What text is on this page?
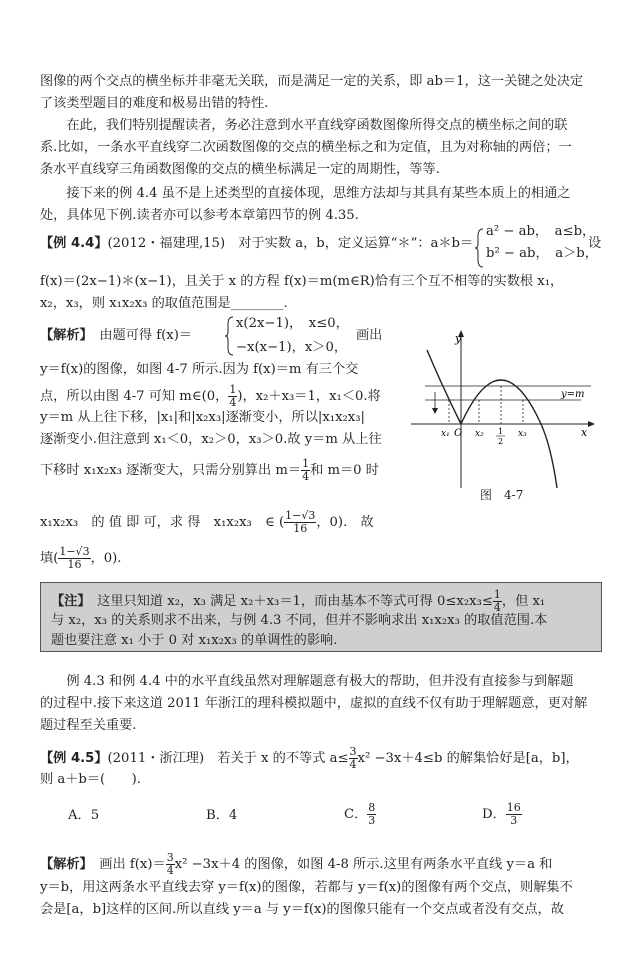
图像的两个交点的横坐标并非毫无关联，而是满足一定的关系，即 ab＝1，这一关键之处决定
了该类型题目的难度和极易出错的特性.
　　在此，我们特别提醒读者，务必注意到水平直线穿函数图像所得交点的横坐标之间的联
系.比如，一条水平直线穿二次函数图像的交点的横坐标之和为定值，且为对称轴的两倍；一
条水平直线穿三角函数图像的交点的横坐标满足一定的周期性，等等.
　　接下来的例 4.4 虽不是上述类型的直接体现，思维方法却与其具有某些本质上的相通之
处，具体见下例.读者亦可以参考本章第四节的例 4.35.
【例 4.4】(2012・福建理,15)　对于实数 a，b，定义运算“＊”：a＊b＝
a² − ab，　a≤b，
b² − ab，　a＞b，
设
f(x)＝(2x−1)＊(x−1)，且关于 x 的方程 f(x)＝m(m∈R)恰有三个互不相等的实数根 x₁，
x₂，x₃，则 x₁x₂x₃ 的取值范围是________.
【解析】　由题可得 f(x)＝
x(2x−1)，　x≤0，
−x(x−1)，x＞0，
画出
y＝f(x)的图像，如图 4-7 所示.因为 f(x)＝m 有三个交
点，所以由图 4-7 可知 m∈(0， $\frac{1}{4}$ )，x₂＋x₃＝1，x₁＜0.将
y＝m 从上往下移，|x₁|和|x₂x₃|逐渐变小，所以|x₁x₂x₃|
逐渐变小.但注意到 x₁＜0，x₂＞0，x₃＞0.故 y＝m 从上往
下移时 x₁x₂x₃ 逐渐变大，只需分别算出 $m= \frac{1}{4}$ 和 m＝0 时
x₁x₂x₃　的 值 即 可，求 得　x₁x₂x₃　∈ ( $\frac{1-√3}{16}$ ，0).　故
填( $\frac{1-√3}{16}$ ，0).
y
x
y=m
x₁ O x₂ 1
2
x₃
图　4-7
【注】　这里只知道 x₂，x₃ 满足 x₂＋x₃＝1，而由基本不等式可得 $0\le x_2x_3\le \frac{1}{4}$ ，但 x₁
与 x₂，x₃ 的关系则求不出来，与例 4.3 不同，但并不影响求出 x₁x₂x₃ 的取值范围.本
题也要注意 x₁ 小于 0 对 x₁x₂x₃ 的单调性的影响.
　　例 4.3 和例 4.4 中的水平直线虽然对理解题意有极大的帮助，但并没有直接参与到解题
的过程中.接下来这道 2011 年浙江的理科模拟题中，虚拟的直线不仅有助于理解题意，更对解
题过程至关重要.
【例 4.5】(2011・浙江理)　若关于 x 的不等式 $a\le \frac{3}{4} x^2 -3x+4\le b$ 的解集恰好是[a，b]，
则 a＋b＝(　　).
A．5	B．4	C． $\frac{8}{3}$	D． $\frac{16}{3}$
【解析】　画出 $f(x)= \frac{3}{4} x^2 -3x+4$ 的图像，如图 4-8 所示.这里有两条水平直线 y＝a 和
y＝b，用这两条水平直线去穿 y＝f(x)的图像，若都与 y＝f(x)的图像有两个交点，则解集不
会是[a，b]这样的区间.所以直线 y＝a 与 y＝f(x)的图像只能有一个交点或者没有交点，故
